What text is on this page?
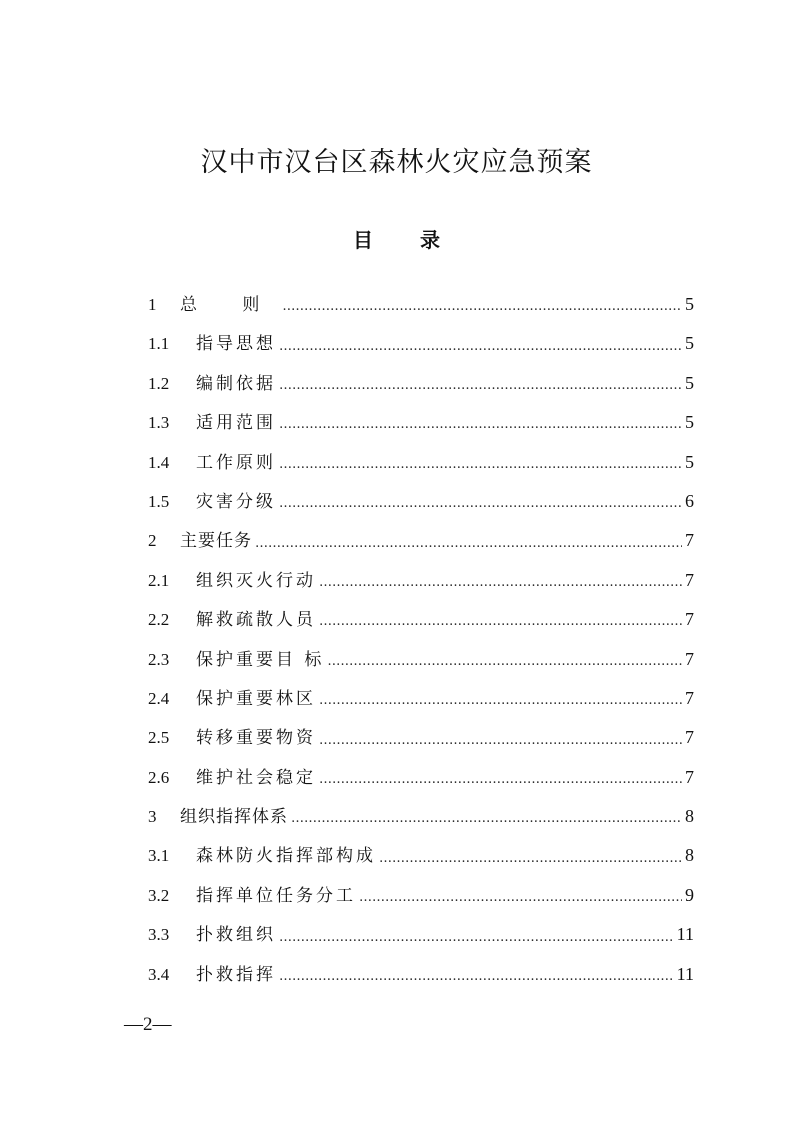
汉中市汉台区森林火灾应急预案
目 录
1	总 则 …………………………………………………………………………………………………………………………………………………………	5
1.1	指导思想 …………………………………………………………………………………………………………………………………………………………	5
1.2	编制依据 …………………………………………………………………………………………………………………………………………………………	5
1.3	适用范围 …………………………………………………………………………………………………………………………………………………………	5
1.4	工作原则 …………………………………………………………………………………………………………………………………………………………	5
1.5	灾害分级 …………………………………………………………………………………………………………………………………………………………	6
2	主要任务 …………………………………………………………………………………………………………………………………………………………	7
2.1	组织灭火行动 …………………………………………………………………………………………………………………………………………………………	7
2.2	解救疏散人员 …………………………………………………………………………………………………………………………………………………………	7
2.3	保护重要目 标 …………………………………………………………………………………………………………………………………………………………	7
2.4	保护重要林区 …………………………………………………………………………………………………………………………………………………………	7
2.5	转移重要物资 …………………………………………………………………………………………………………………………………………………………	7
2.6	维护社会稳定 …………………………………………………………………………………………………………………………………………………………	7
3	组织指挥体系 …………………………………………………………………………………………………………………………………………………………	8
3.1	森林防火指挥部构成 …………………………………………………………………………………………………………………………………………………………	8
3.2	指挥单位任务分工 …………………………………………………………………………………………………………………………………………………………	9
3.3	扑救组织 …………………………………………………………………………………………………………………………………………………………	11
3.4	扑救指挥 …………………………………………………………………………………………………………………………………………………………	11
—2—
